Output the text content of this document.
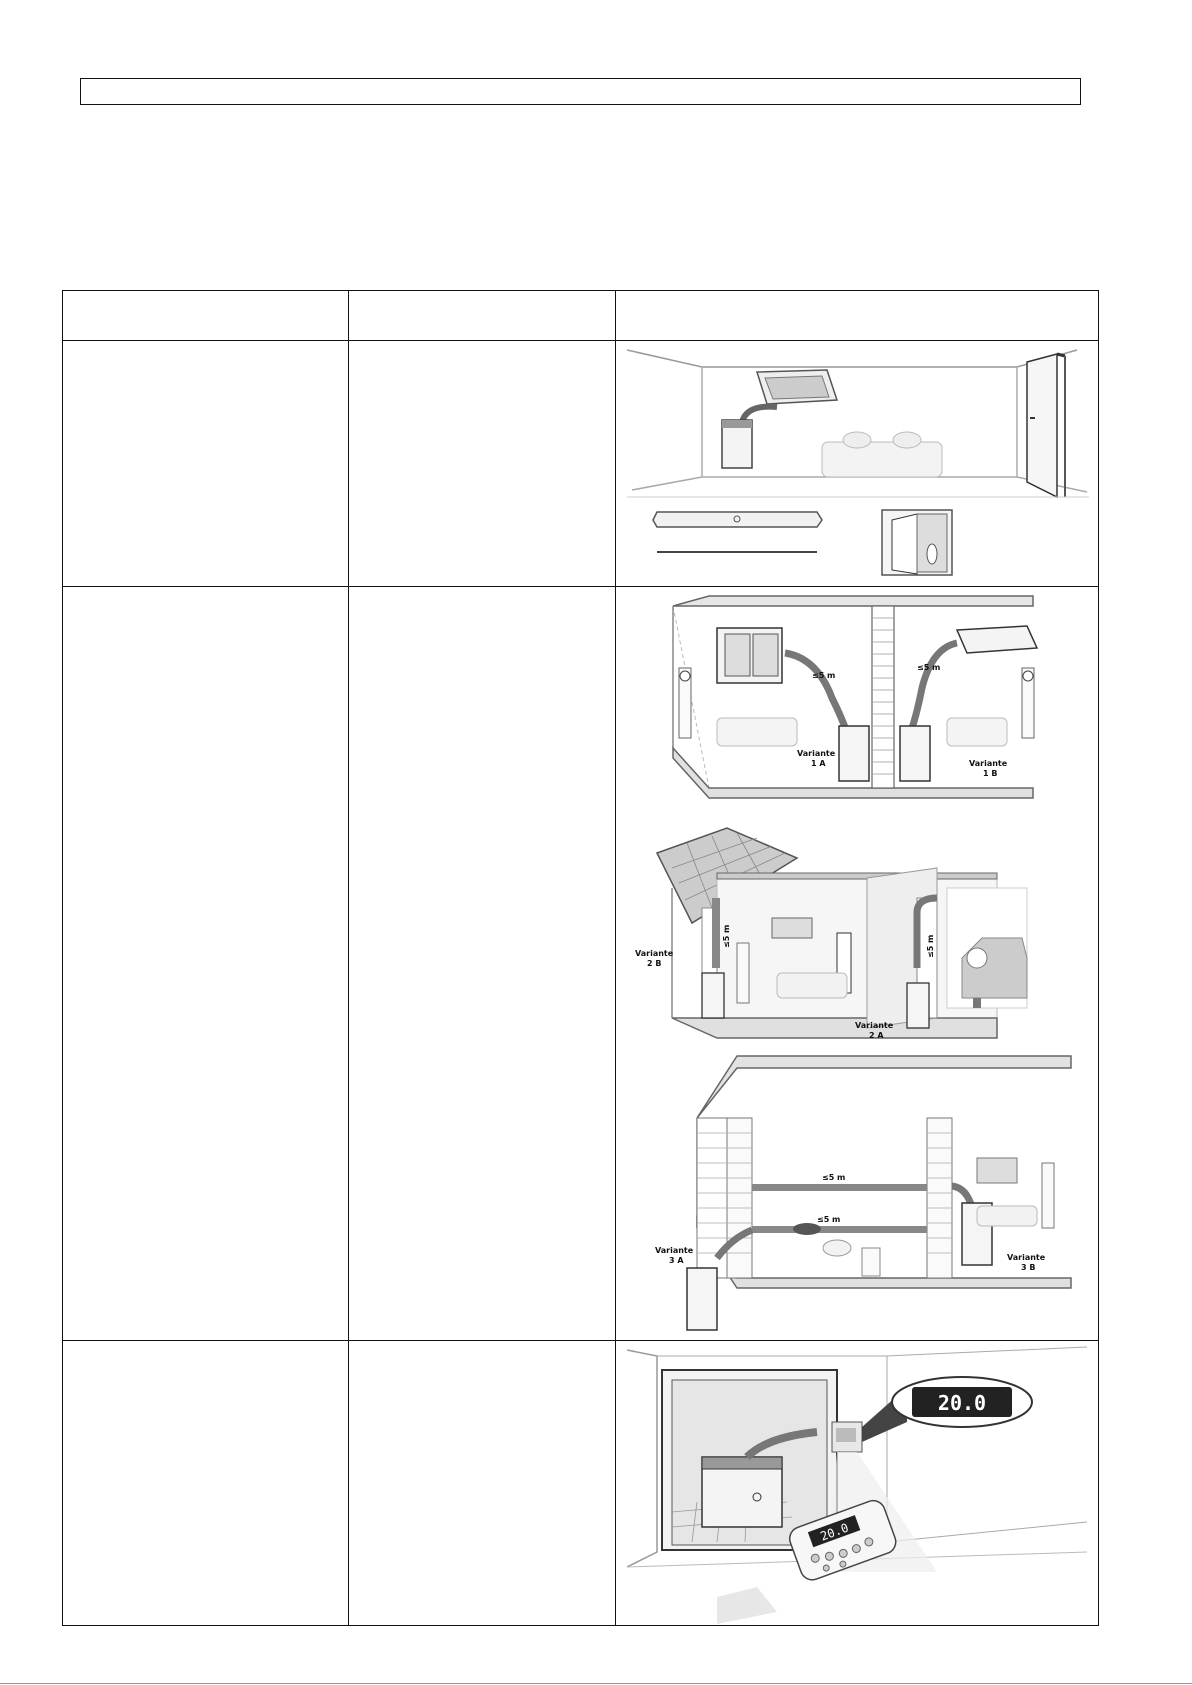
≤5 m
≤5 m
Variante
1 A	Variante
1 B
≤5 m	≤5 m
Variante
2 B
Variante
2 A
≤5 m
≤5 m
Variante
3 A	Variante
3 B
20.0
20.0
